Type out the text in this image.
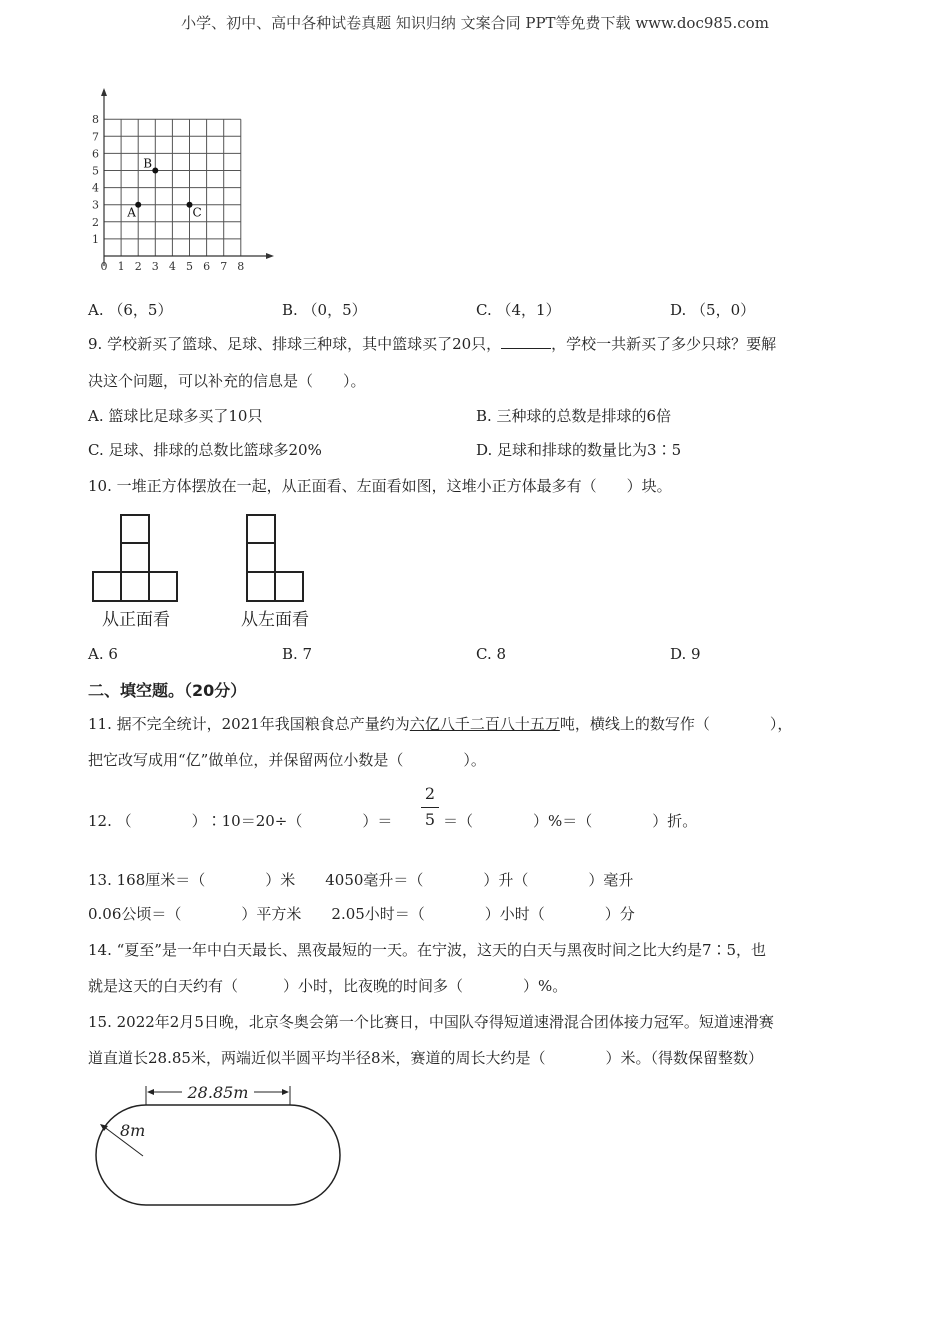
小学、初中、高中各种试卷真题 知识归纳 文案合同 PPT等免费下载 www.doc985.com
1
2
3
4
5
6
7
8
0 1 2 3 4 5 6 7 8
A
B
C
A. （6，5）	B. （0，5）	C. （4，1）	D. （5，0）
9. 学校新买了篮球、足球、排球三种球，其中篮球买了20只，	，学校一共新买了多少只球？要解
决这个问题，可以补充的信息是（　　）。
A. 篮球比足球多买了10只	B. 三种球的总数是排球的6倍
C. 足球、排球的总数比篮球多20%	D. 足球和排球的数量比为3∶5
10. 一堆正方体摆放在一起，从正面看、左面看如图，这堆小正方体最多有（　　）块。
从正面看	从左面看
A. 6	B. 7	C. 8	D. 9
二、填空题。（20分）
11. 据不完全统计，2021年我国粮食总产量约为六亿八千二百八十五万吨，横线上的数写作（　　　　），
把它改写成用“亿”做单位，并保留两位小数是（　　　　）。
12. （　　　　）∶10＝20÷（　　　　）＝
2
5 ＝（　　　　）%＝（　　　　）折。
13. 168厘米＝（　　　　）米　　4050毫升＝（　　　　）升（　　　　）毫升
0.06公顷＝（　　　　）平方米　　2.05小时＝（　　　　）小时（　　　　）分
14. “夏至”是一年中白天最长、黑夜最短的一天。在宁波，这天的白天与黑夜时间之比大约是7∶5，也
就是这天的白天约有（　　　）小时，比夜晚的时间多（　　　　）%。
15. 2022年2月5日晚，北京冬奥会第一个比赛日，中国队夺得短道速滑混合团体接力冠军。短道速滑赛
道直道长28.85米，两端近似半圆平均半径8米，赛道的周长大约是（　　　　）米。（得数保留整数）
28.85m
8m
